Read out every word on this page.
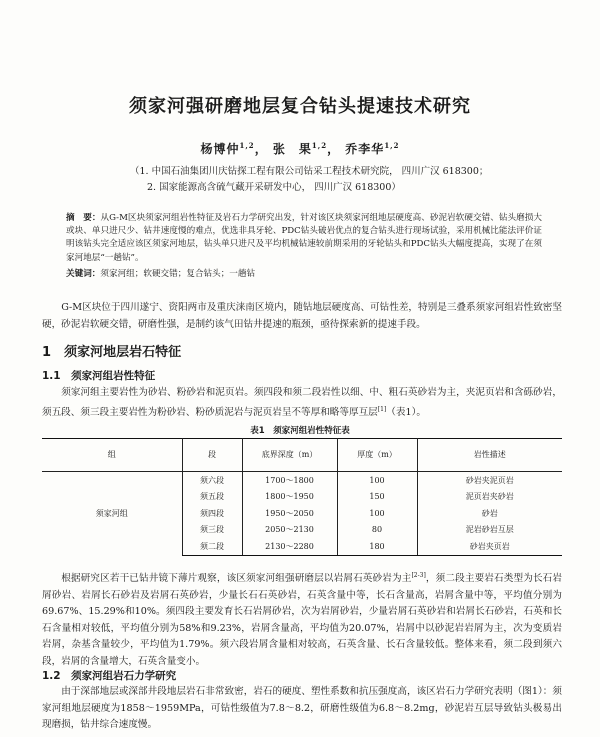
须家河强研磨地层复合钻头提速技术研究
杨博仲$^{1,2}$， 张　果$^{1,2}$， 乔李华$^{1,2}$
（1. 中国石油集团川庆钻探工程有限公司钻采工程技术研究院， 四川广汉 618300；
2. 国家能源高含硫气藏开采研发中心， 四川广汉 618300）
摘　要：从G-M区块须家河组岩性特征及岩石力学研究出发，针对该区块须家河组地层硬度高、砂泥岩软硬交错、钻头磨损大或块、单只进尺少、钻井速度慢的难点，优选非具牙轮、PDC钻头破岩优点的复合钻头进行现场试验，采用机械比能法评价证明该钻头完全适应该区须家河地层，钻头单只进尺及平均机械钻速较前期采用的牙轮钻头和PDC钻头大幅度提高，实现了在须家河地层“一趟钻”。
关键词：须家河组；软硬交错；复合钻头；一趟钻

G-M区块位于四川遂宁、资阳两市及重庆涞南区境内，随钻地层硬度高、可钻性差，特别是三叠系须家河组岩性致密坚硬，砂泥岩软硬交错，研磨性强，是制约该气田钻井提速的瓶颈，亟待探索新的提速手段。

1　 须家河地层岩石特征
1.1　 须家河组岩性特征

须家河组主要岩性为砂岩、粉砂岩和泥页岩。须四段和须二段岩性以细、中、粗石英砂岩为主，夹泥页岩和含砾砂岩，须五段、须三段主要岩性为粉砂岩、粉砂质泥岩与泥页岩呈不等厚和略等厚互层[1]（表1）。

表1　须家河组岩性特征表
组	段	底界深度（m）	厚度（m）	岩性描述
须家河组	须六段	1700～1800	100	砂岩夹泥页岩
	须五段	1800～1950	150	泥页岩夹砂岩
	须四段	1950～2050	100	砂岩
	须三段	2050～2130	80	泥岩砂岩互层
	须二段	2130～2280	180	砂岩夹页岩

根据研究区若干已钻井镜下薄片观察，该区须家河组强研磨层以岩屑石英砂岩为主[2-3]，须二段主要岩石类型为长石岩屑砂岩、岩屑长石砂岩及岩屑石英砂岩，少量长石石英砂岩，石英含量中等，长石含量高，岩屑含量中等，平均值分别为69.67%、15.29%和10%。须四段主要发育长石岩屑砂岩，次为岩屑砂岩，少量岩屑石英砂岩和岩屑长石砂岩，石英和长石含量相对较低，平均值分别为58%和9.23%，岩屑含量高，平均值为20.07%，岩屑中以砂泥岩岩屑为主，次为变质岩岩屑，杂基含量较少，平均值为1.79%。须六段岩屑含量相对较高，石英含量、长石含量较低。整体来看，须二段到须六段，岩屑的含量增大，石英含量变小。

1.2　 须家河组岩石力学研究

由于深部地层或深部井段地层岩石非常致密，岩石的硬度、塑性系数和抗压强度高，该区岩石力学研究表明（图1）：须家河组地层硬度为1858～1959MPa，可钻性级值为7.8～8.2，研磨性级值为6.8～8.2mg，砂泥岩互层导致钻头极易出现磨损，钻井综合速度慢。
